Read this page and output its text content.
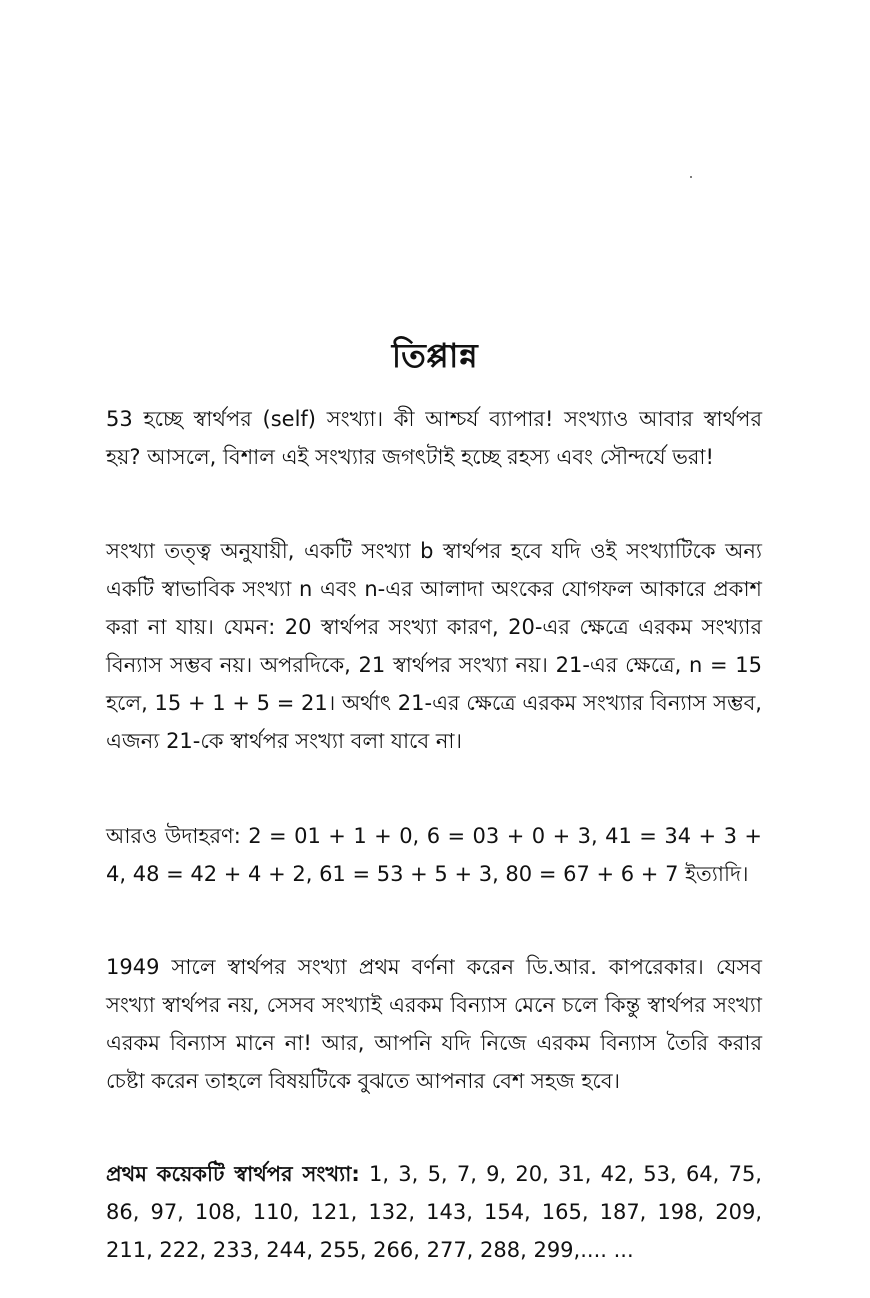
তিপ্পান্ন

53 হচ্ছে স্বার্থপর (self) সংখ্যা। কী আশ্চর্য ব্যাপার! সংখ্যাও আবার স্বার্থপর হয়? আসলে, বিশাল এই সংখ্যার জগৎটাই হচ্ছে রহস্য এবং সৌন্দর্যে ভরা!

সংখ্যা তত্ত্ব অনুযায়ী, একটি সংখ্যা b স্বার্থপর হবে যদি ওই সংখ্যাটিকে অন্য একটি স্বাভাবিক সংখ্যা n এবং n-এর আলাদা অংকের যোগফল আকারে প্রকাশ করা না যায়। যেমন: 20 স্বার্থপর সংখ্যা কারণ, 20-এর ক্ষেত্রে এরকম সংখ্যার বিন্যাস সম্ভব নয়। অপরদিকে, 21 স্বার্থপর সংখ্যা নয়। 21-এর ক্ষেত্রে, n = 15 হলে, 15 + 1 + 5 = 21। অর্থাৎ 21-এর ক্ষেত্রে এরকম সংখ্যার বিন্যাস সম্ভব, এজন্য 21-কে স্বার্থপর সংখ্যা বলা যাবে না।

আরও উদাহরণ: 2 = 01 + 1 + 0, 6 = 03 + 0 + 3, 41 = 34 + 3 + 4, 48 = 42 + 4 + 2, 61 = 53 + 5 + 3, 80 = 67 + 6 + 7 ইত্যাদি।

1949 সালে স্বার্থপর সংখ্যা প্রথম বর্ণনা করেন ডি.আর. কাপরেকার। যেসব সংখ্যা স্বার্থপর নয়, সেসব সংখ্যাই এরকম বিন্যাস মেনে চলে কিন্তু স্বার্থপর সংখ্যা এরকম বিন্যাস মানে না! আর, আপনি যদি নিজে এরকম বিন্যাস তৈরি করার চেষ্টা করেন তাহলে বিষয়টিকে বুঝতে আপনার বেশ সহজ হবে।

প্রথম কয়েকটি স্বার্থপর সংখ্যা: 1, 3, 5, 7, 9, 20, 31, 42, 53, 64, 75, 86, 97, 108, 110, 121, 132, 143, 154, 165, 187, 198, 209, 211, 222, 233, 244, 255, 266, 277, 288, 299,.... ...
